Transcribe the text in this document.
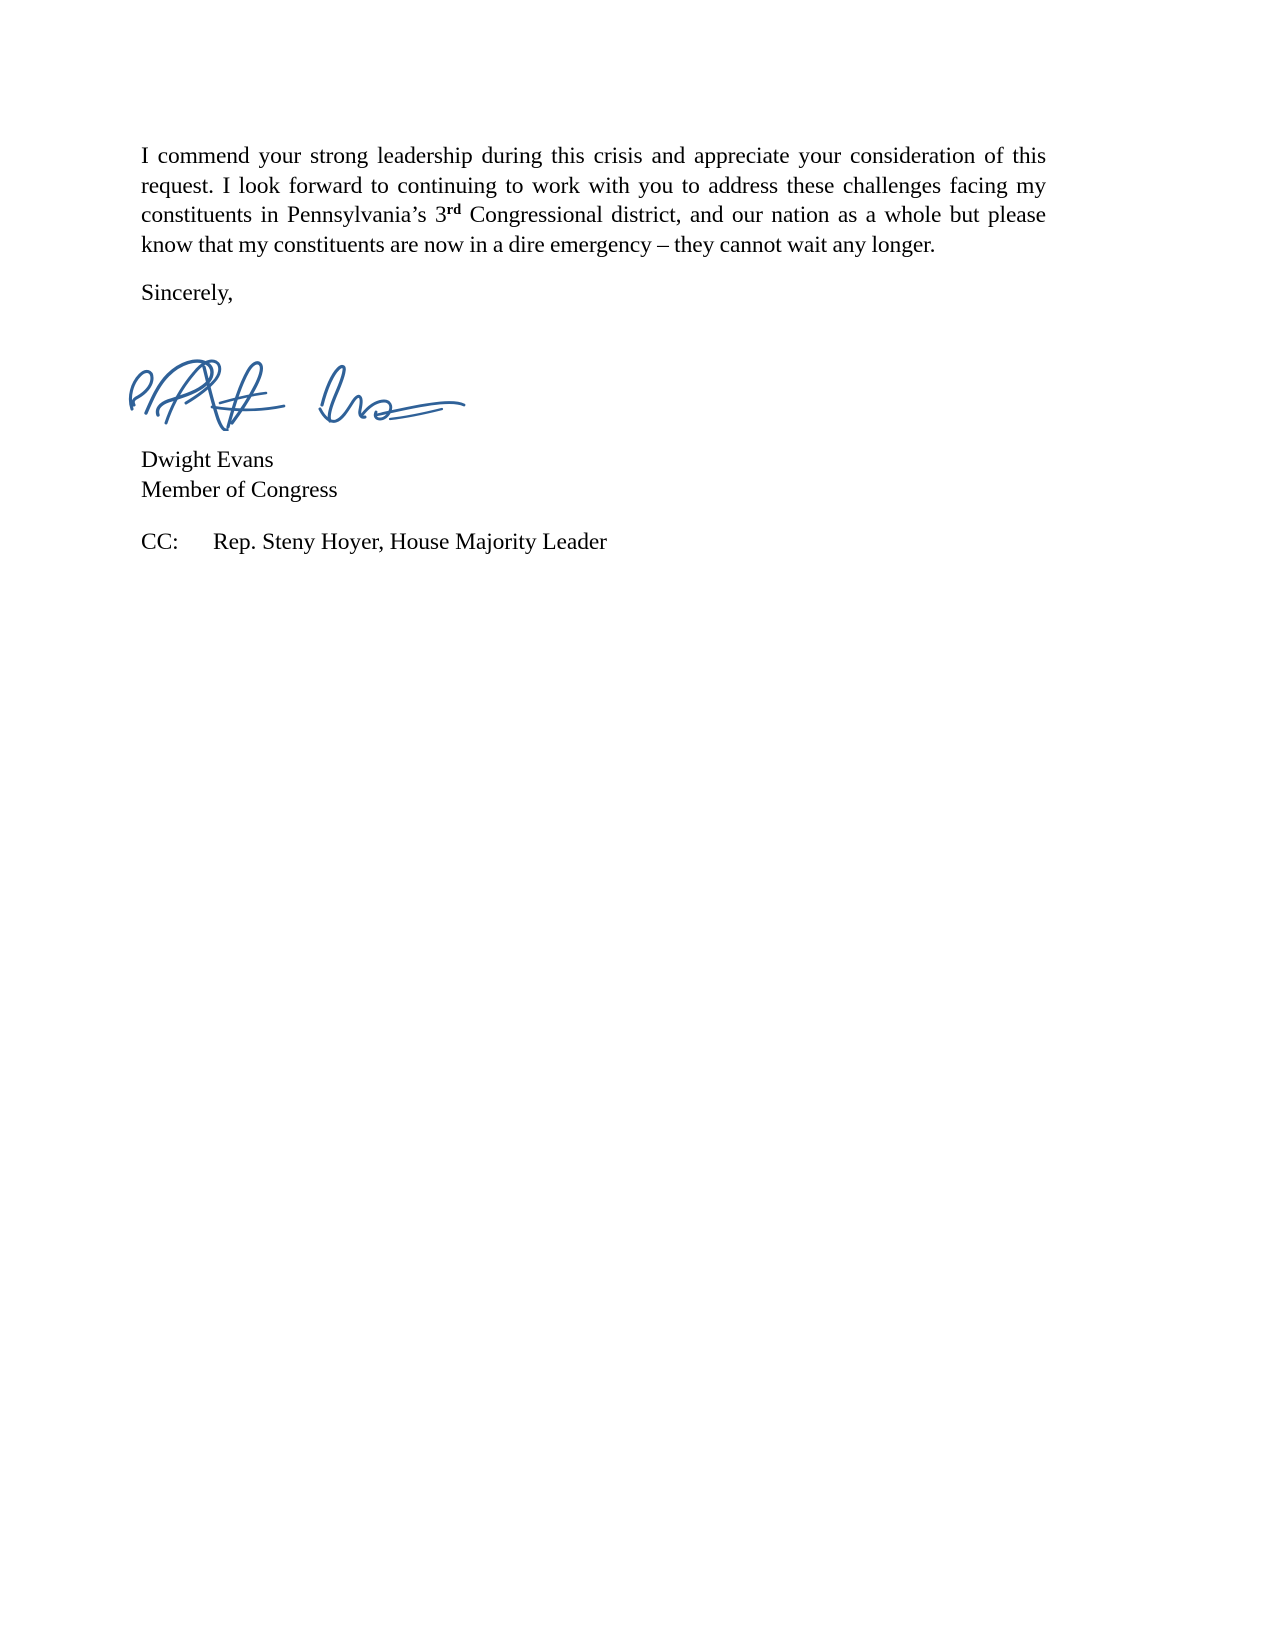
I commend your strong leadership during this crisis and appreciate your consideration of this request. I look forward to continuing to work with you to address these challenges facing my constituents in Pennsylvania’s 3rd Congressional district, and our nation as a whole but please know that my constituents are now in a dire emergency – they cannot wait any longer.

Sincerely,
Dwight Evans
Member of Congress
CC: Rep. Steny Hoyer, House Majority Leader
